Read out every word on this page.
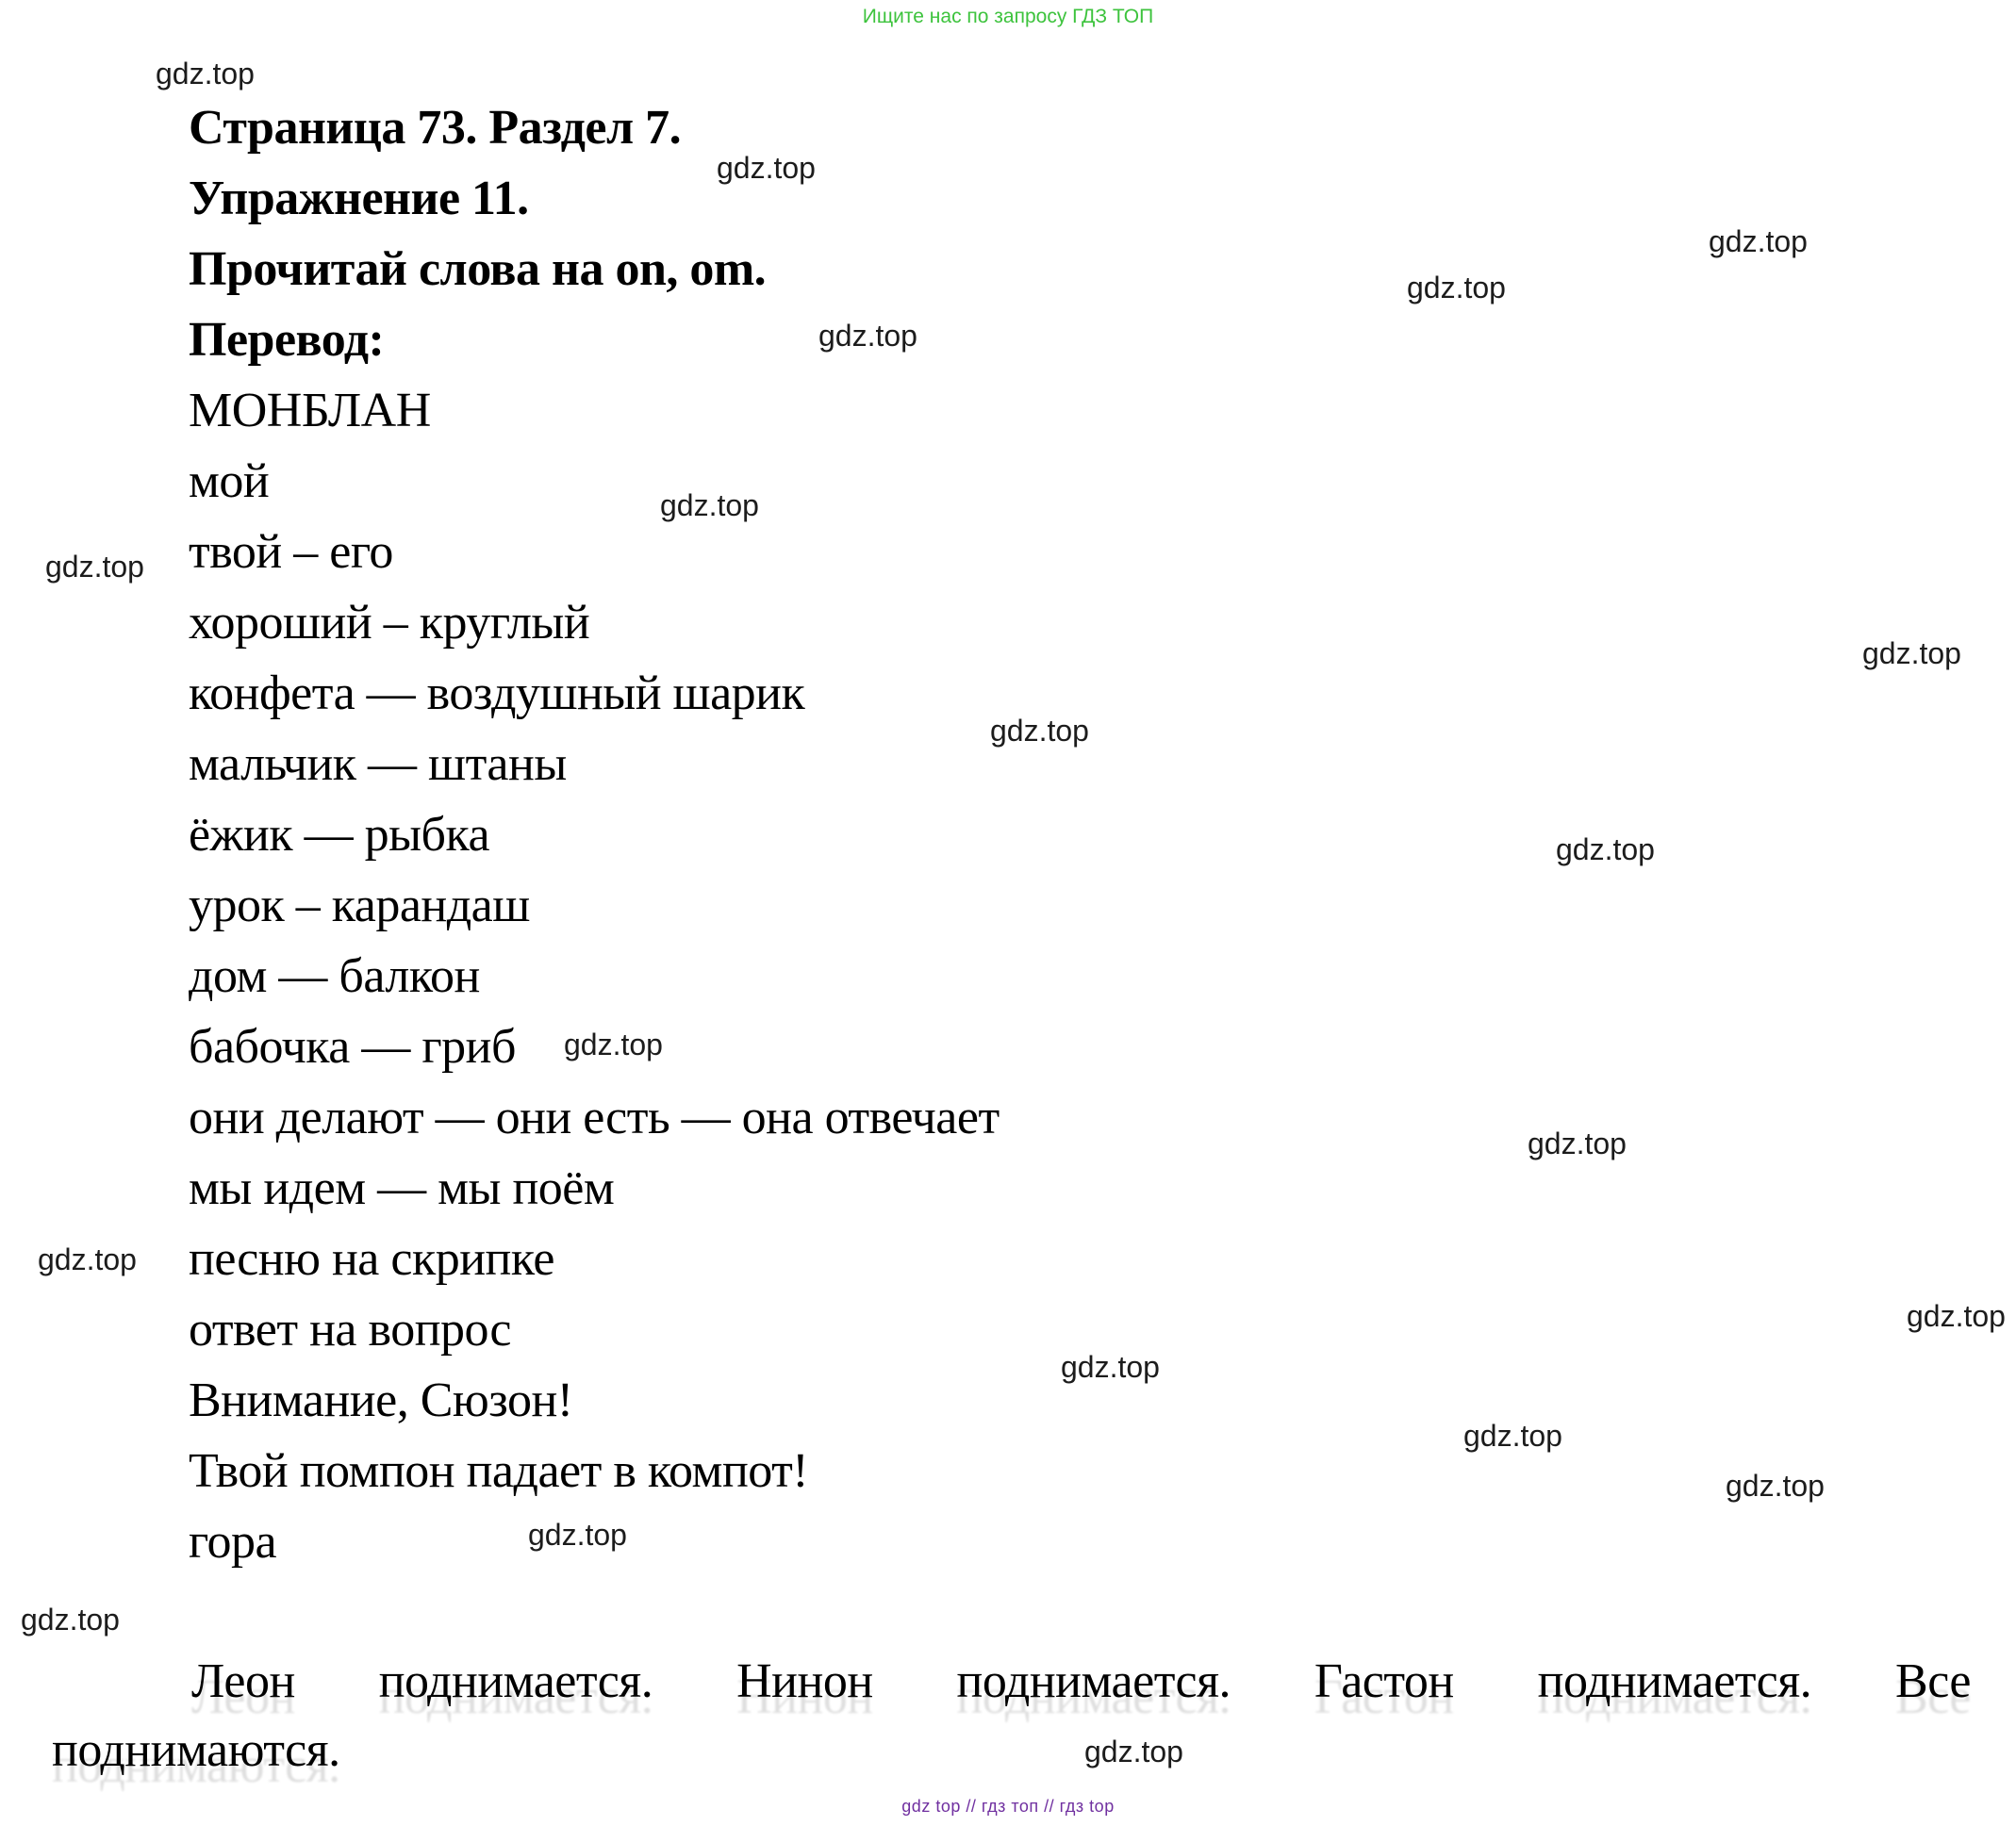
Ищите нас по запросу ГДЗ ТОП
Страница 73. Раздел 7.
Упражнение 11.
Прочитай слова на on, om.
Перевод:
МОНБЛАН
мой
твой – его
хороший – круглый
конфета — воздушный шарик
мальчик — штаны
ёжик — рыбка
урок – карандаш
дом — балкон
бабочка — гриб
они делают — они есть — она отвечает
мы идем — мы поём
песню на скрипке
ответ на вопрос
Внимание, Сюзон!
Твой помпон падает в компот!
гора

Леон поднимается. Нинон поднимается. Гастон поднимается. Все поднимаются.

gdz top // гдз топ // гдз top
gdz.top
gdz.top
gdz.top
gdz.top
gdz.top
gdz.top
gdz.top
gdz.top
gdz.top
gdz.top
gdz.top
gdz.top
gdz.top
gdz.top
gdz.top
gdz.top
gdz.top
gdz.top
gdz.top
gdz.top
